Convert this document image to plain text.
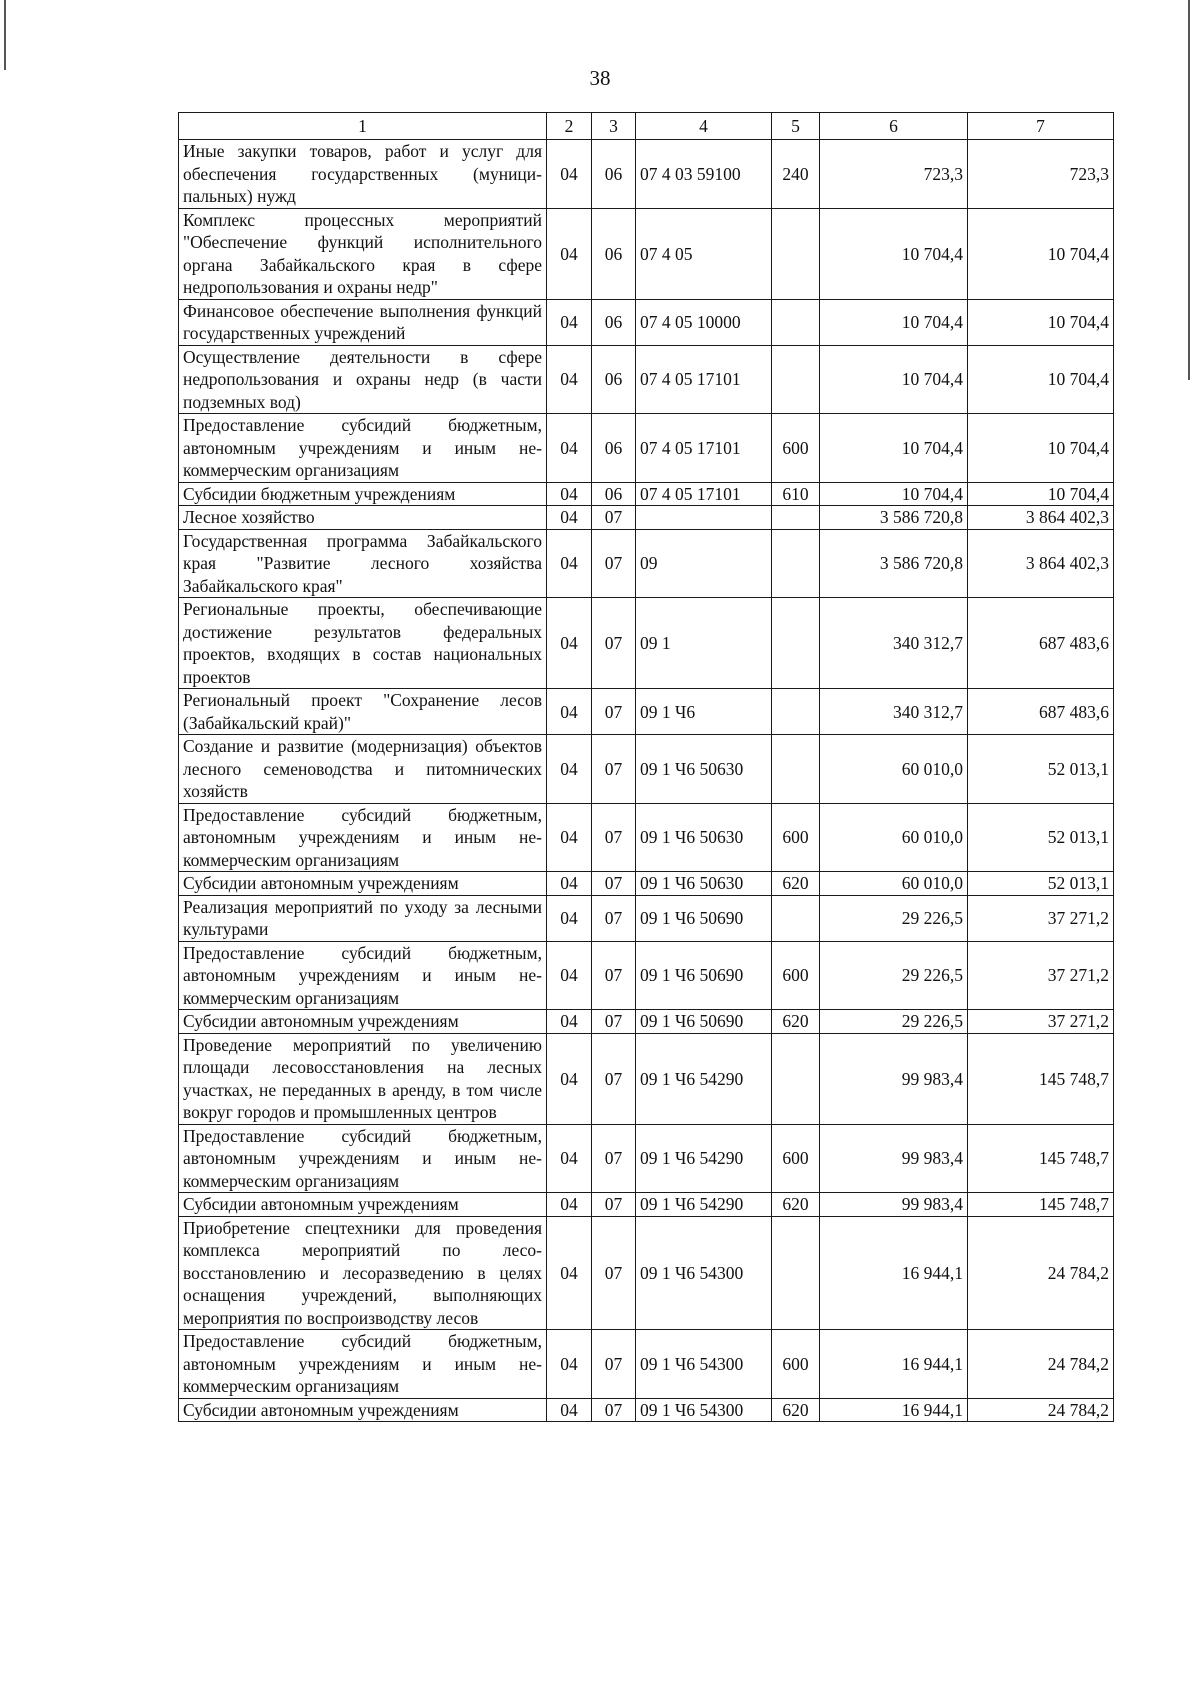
38
1	2	3	4	5	6	7
Иные закупки товаров, работ и услуг для обеспечения государственных (муниципальных) нужд	04	06	07 4 03 59100	240	723,3	723,3
Комплекс процессных мероприятий "Обеспечение функций исполнительного органа Забайкальского края в сфере недропользования и охраны недр"	04	06	07 4 05		10 704,4	10 704,4
Финансовое обеспечение выполнения функций государственных учреждений	04	06	07 4 05 10000		10 704,4	10 704,4
Осуществление деятельности в сфере недропользования и охраны недр (в части подземных вод)	04	06	07 4 05 17101		10 704,4	10 704,4
Предоставление субсидий бюджетным, автономным учреждениям и иным некоммерческим организациям	04	06	07 4 05 17101	600	10 704,4	10 704,4
Субсидии бюджетным учреждениям	04	06	07 4 05 17101	610	10 704,4	10 704,4
Лесное хозяйство	04	07			3 586 720,8	3 864 402,3
Государственная программа Забайкальского края "Развитие лесного хозяйства Забайкальского края"	04	07	09		3 586 720,8	3 864 402,3
Региональные проекты, обеспечивающие достижение результатов федеральных проектов, входящих в состав национальных проектов	04	07	09 1		340 312,7	687 483,6
Региональный проект "Сохранение лесов (Забайкальский край)"	04	07	09 1 Ч6		340 312,7	687 483,6
Создание и развитие (модернизация) объектов лесного семеноводства и питомнических хозяйств	04	07	09 1 Ч6 50630		60 010,0	52 013,1
Предоставление субсидий бюджетным, автономным учреждениям и иным некоммерческим организациям	04	07	09 1 Ч6 50630	600	60 010,0	52 013,1
Субсидии автономным учреждениям	04	07	09 1 Ч6 50630	620	60 010,0	52 013,1
Реализация мероприятий по уходу за лесными культурами	04	07	09 1 Ч6 50690		29 226,5	37 271,2
Предоставление субсидий бюджетным, автономным учреждениям и иным некоммерческим организациям	04	07	09 1 Ч6 50690	600	29 226,5	37 271,2
Субсидии автономным учреждениям	04	07	09 1 Ч6 50690	620	29 226,5	37 271,2
Проведение мероприятий по увеличению площади лесовосстановления на лесных участках, не переданных в аренду, в том числе вокруг городов и промышленных центров	04	07	09 1 Ч6 54290		99 983,4	145 748,7
Предоставление субсидий бюджетным, автономным учреждениям и иным некоммерческим организациям	04	07	09 1 Ч6 54290	600	99 983,4	145 748,7
Субсидии автономным учреждениям	04	07	09 1 Ч6 54290	620	99 983,4	145 748,7
Приобретение спецтехники для проведения комплекса мероприятий по лесовосстановлению и лесоразведению в целях оснащения учреждений, выполняющих мероприятия по воспроизводству лесов	04	07	09 1 Ч6 54300		16 944,1	24 784,2
Предоставление субсидий бюджетным, автономным учреждениям и иным некоммерческим организациям	04	07	09 1 Ч6 54300	600	16 944,1	24 784,2
Субсидии автономным учреждениям	04	07	09 1 Ч6 54300	620	16 944,1	24 784,2
